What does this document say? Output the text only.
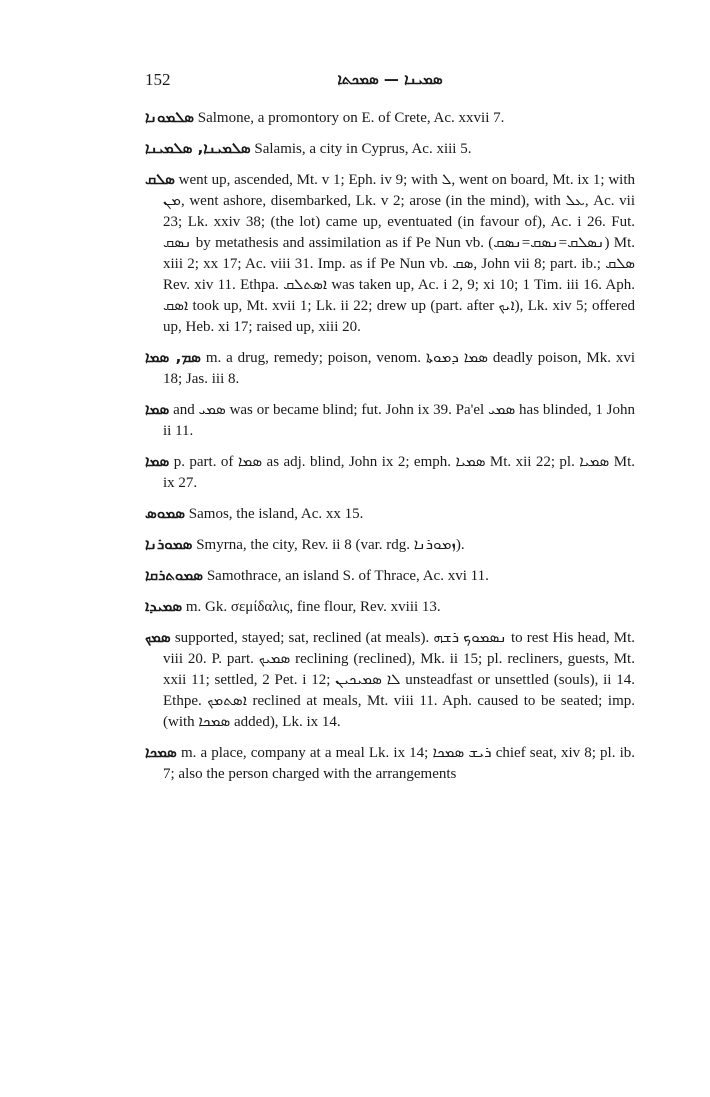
152	ܣܡܝܢܐ — ܣܡܟܬܐ

ܣܠܡܘܢܐ Salmone, a promontory on E. of Crete, Ac. xxvii 7.

ܣܠܡܝܢܐ, ܣܠܡܝܢܐ Salamis, a city in Cyprus, Ac. xiii 5.

ܣܠܩ went up, ascended, Mt. v 1; Eph. iv 9; with ܠ, went on board, Mt. ix 1; with ܡܢ, went ashore, disembarked, Lk. v 2; arose (in the mind), with ܥܠ, Ac. vii 23; Lk. xxiv 38; (the lot) came up, eventuated (in favour of), Ac. i 26. Fut. ܢܣܩ by metathesis and assimilation as if Pe Nun vb. (ܢܣܠܩ=ܢܣܩ=ܢܣܩ) Mt. xiii 2; xx 17; Ac. viii 31. Imp. as if Pe Nun vb. ܣܩ, John vii 8; part. ib.; ܣܠܩ Rev. xiv 11. Ethpa. ܐܣܬܠܩ was taken up, Ac. i 2, 9; xi 10; 1 Tim. iii 16. Aph. ܐܣܩ took up, Mt. xvii 1; Lk. ii 22; drew up (part. after ܐܝܟ), Lk. xiv 5; offered up, Heb. xi 17; raised up, xiii 20.

ܣܡ, ܣܡܐ m. a drug, remedy; poison, venom. ܣܡܐ ܕܡܘܬܐ deadly poison, Mk. xvi 18; Jas. iii 8.

ܣܡܐ and ܣܡܝ was or became blind; fut. John ix 39. Pa'el ܣܡܝ has blinded, 1 John ii 11.

ܣܡܐ p. part. of ܣܡܐ as adj. blind, John ix 2; emph. ܣܡܝܐ Mt. xii 22; pl. ܣܡܝܐ Mt. ix 27.

ܣܡܘܣ Samos, the island, Ac. xx 15.

ܣܡܘܪܢܐ Smyrna, the city, Rev. ii 8 (var. rdg. ܙܡܘܪܢܐ).

ܣܡܘܬܪܩܐ Samothrace, an island S. of Thrace, Ac. xvi 11.

ܣܡܝܕܐ m. Gk. σεμίδαλις, fine flour, Rev. xviii 13.

ܣܡܟ supported, stayed; sat, reclined (at meals). ܢܣܡܘܟ ܪܫܗ to rest His head, Mt. viii 20. P. part. ܣܡܝܟ reclining (reclined), Mk. ii 15; pl. recliners, guests, Mt. xxii 11; settled, 2 Pet. i 12; ܠܐ ܣܡܝܟܝܢ unsteadfast or unsettled (souls), ii 14. Ethpe. ܐܣܬܡܟ reclined at meals, Mt. viii 11. Aph. caused to be seated; imp. (with ܣܡܟܐ added), Lk. ix 14.

ܣܡܟܐ m. a place, company at a meal Lk. ix 14; ܪܝܫ ܣܡܟܐ chief seat, xiv 8; pl. ib. 7; also the person charged with the arrangements
